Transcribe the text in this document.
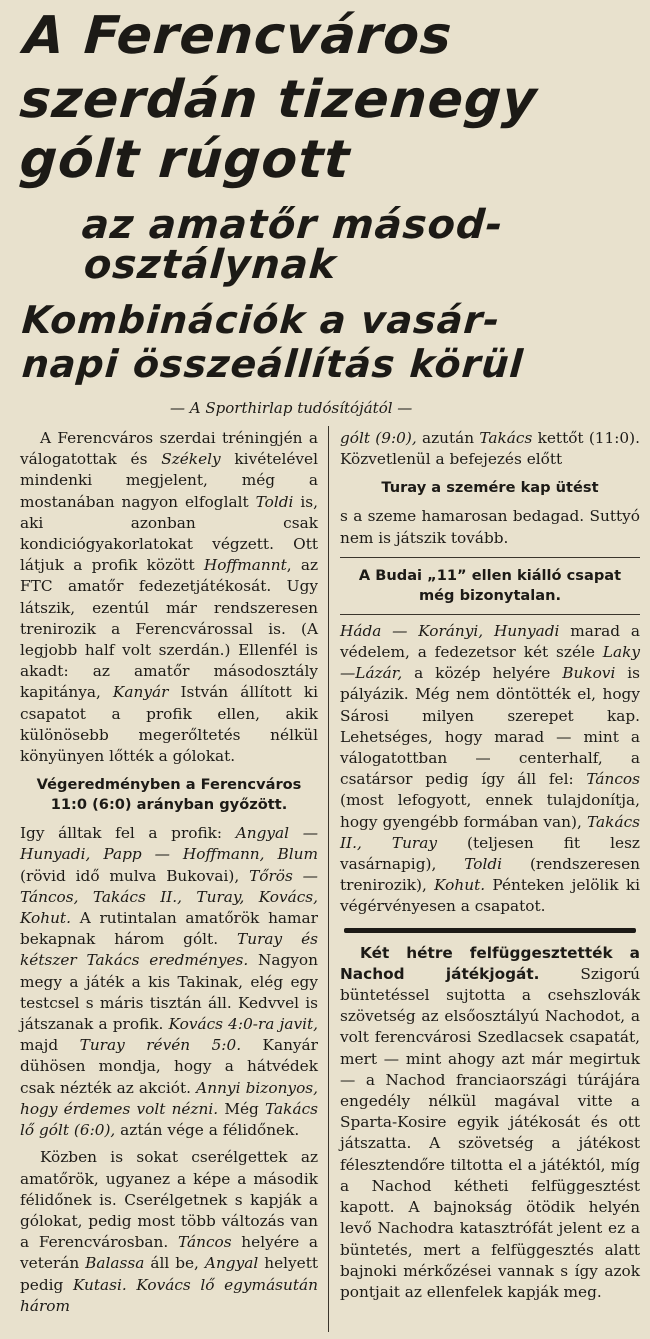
A Ferencváros
szerdán tizenegy
gólt rúgott
az amatőr másod-
osztálynak
Kombinációk a vasár-
napi összeállítás körül
— A Sporthirlap tudósítójától —

A Ferencváros szerdai tréningjén a válogatottak és Székely kivételével mindenki megjelent, még a mostanában nagyon elfoglalt Toldi is, aki azonban csak kondiciógyakorlatokat végzett. Ott látjuk a profik között Hoffmannt, az FTC amatőr fedezetjátékosát. Ugy látszik, ezentúl már rendszeresen trenirozik a Ferencvárossal is. (A legjobb half volt szerdán.) Ellenfél is akadt: az amatőr másodosztály kapitánya, Kanyár István állított ki csapatot a profik ellen, akik különösebb megerőltetés nélkül könyünyen lőtték a gólokat.

Végeredményben a Ferencváros 11:0 (6:0) arányban győzött.

Igy álltak fel a profik: Angyal — Hunyadi, Papp — Hoffmann, Blum (rövid idő mulva Bukovai), Tőrös — Táncos, Takács II., Turay, Kovács, Kohut. A rutintalan amatőrök hamar bekapnak három gólt. Turay és kétszer Takács eredményes. Nagyon megy a játék a kis Takinak, elég egy testcsel s máris tisztán áll. Kedvvel is játszanak a profik. Kovács 4:0-ra javit, majd Turay révén 5:0. Kanyár dühösen mondja, hogy a hátvédek csak nézték az akciót. Annyi bizonyos, hogy érdemes volt nézni. Még Takács lő gólt (6:0), aztán vége a félidőnek.

Közben is sokat cserélgettek az amatőrök, ugyanez a képe a második félidőnek is. Cserélgetnek s kapják a gólokat, pedig most több változás van a Ferencvárosban. Táncos helyére a veterán Balassa áll be, Angyal helyett pedig Kutasi. Kovács lő egymásután három

gólt (9:0), azután Takács kettőt (11:0). Közvetlenül a befejezés előtt

Turay a szemére kap ütést

s a szeme hamarosan bedagad. Suttyó nem is játszik tovább.

A Budai „11” ellen kiálló csapat még bizonytalan.

Háda — Korányi, Hunyadi marad a védelem, a fedezetsor két széle Laky—Lázár, a közép helyére Bukovi is pályázik. Még nem döntötték el, hogy Sárosi milyen szerepet kap. Lehetséges, hogy marad — mint a válogatottban — centerhalf, a csatársor pedig így áll fel: Táncos (most lefogyott, ennek tulajdonítja, hogy gyengébb formában van), Takács II., Turay (teljesen fit lesz vasárnapig), Toldi (rendszeresen trenirozik), Kohut. Pénteken jelölik ki végérvényesen a csapatot.

Két hétre felfüggesztették a Nachod játékjogát. Szigorú büntetéssel sujtotta a csehszlovák szövetség az elsőosztályú Nachodot, a volt ferencvárosi Szedlacsek csapatát, mert — mint ahogy azt már megirtuk — a Nachod franciaországi túrájára engedély nélkül magával vitte a Sparta-Kosire egyik játékosát és ott játszatta. A szövetség a játékost félesztendőre tiltotta el a játéktól, míg a Nachod kétheti felfüggesztést kapott. A bajnokság ötödik helyén levő Nachodra katasztrófát jelent ez a büntetés, mert a felfüggesztés alatt bajnoki mérkőzései vannak s így azok pontjait az ellenfelek kapják meg.
